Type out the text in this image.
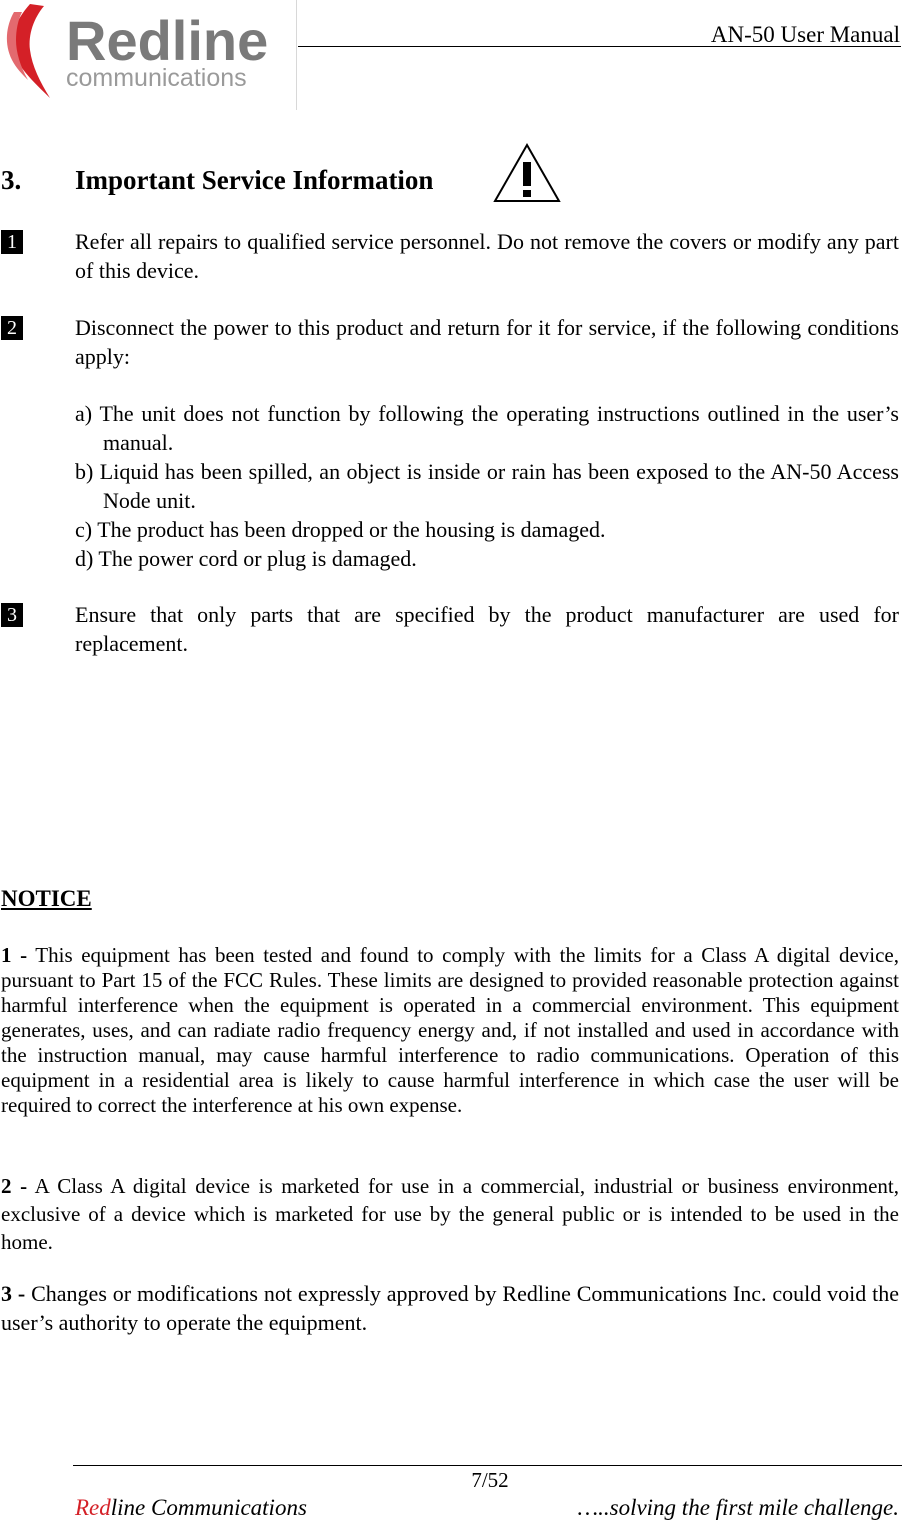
Redline
communications
AN-50 User Manual
3. Important Service Information
1	Refer all repairs to qualified service personnel. Do not remove the covers or modify any part of this device.

2	Disconnect the power to this product and return for it for service, if the following conditions apply:

a) The unit does not function by following the operating instructions outlined in the user’s manual.
b) Liquid has been spilled, an object is inside or rain has been exposed to the AN-50 Access Node unit.
c) The product has been dropped or the housing is damaged.
d) The power cord or plug is damaged.
3	Ensure that only parts that are specified by the product manufacturer are used for replacement.

NOTICE

1 - This equipment has been tested and found to comply with the limits for a Class A digital device, pursuant to Part 15 of the FCC Rules. These limits are designed to provided reasonable protection against harmful interference when the equipment is operated in a commercial environment. This equipment generates, uses, and can radiate radio frequency energy and, if not installed and used in accordance with the instruction manual, may cause harmful interference to radio communications. Operation of this equipment in a residential area is likely to cause harmful interference in which case the user will be required to correct the interference at his own expense.

2 - A Class A digital device is marketed for use in a commercial, industrial or business environment, exclusive of a device which is marketed for use by the general public or is intended to be used in the home.

3 - Changes or modifications not expressly approved by Redline Communications Inc. could void the user’s authority to operate the equipment.

7/52
Redline Communications	…..solving the first mile challenge.
